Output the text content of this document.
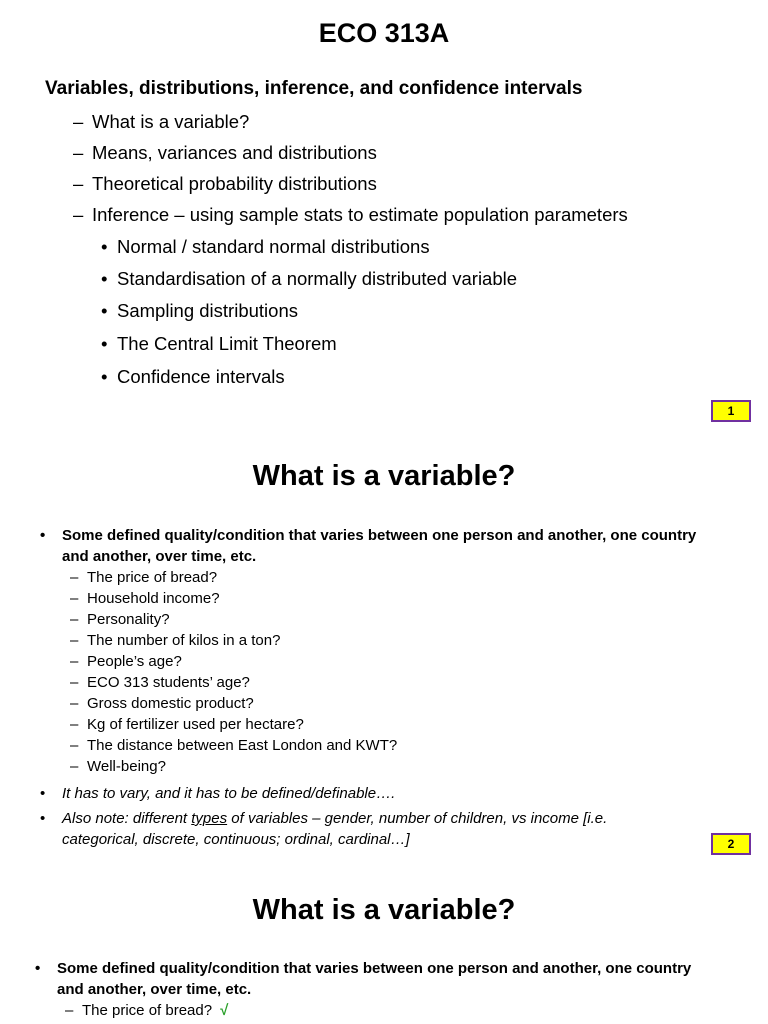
ECO 313A
Variables, distributions, inference, and confidence intervals
– What is a variable?
– Means, variances and distributions
– Theoretical probability distributions
– Inference – using sample stats to estimate population parameters
• Normal / standard normal distributions
• Standardisation of a normally distributed variable
• Sampling distributions
• The Central Limit Theorem
• Confidence intervals
1
What is a variable?
• Some defined quality/condition that varies between one person and another, one country
and another, over time, etc.
– The price of bread?
– Household income?
– Personality?
– The number of kilos in a ton?
– People’s age?
– ECO 313 students’ age?
– Gross domestic product?
– Kg of fertilizer used per hectare?
– The distance between East London and KWT?
– Well-being?
• It has to vary, and it has to be defined/definable….
• Also note: different types of variables – gender, number of children, vs income [i.e.
categorical, discrete, continuous; ordinal, cardinal…]	2
What is a variable?
• Some defined quality/condition that varies between one person and another, one country
and another, over time, etc.
– The price of bread? √
